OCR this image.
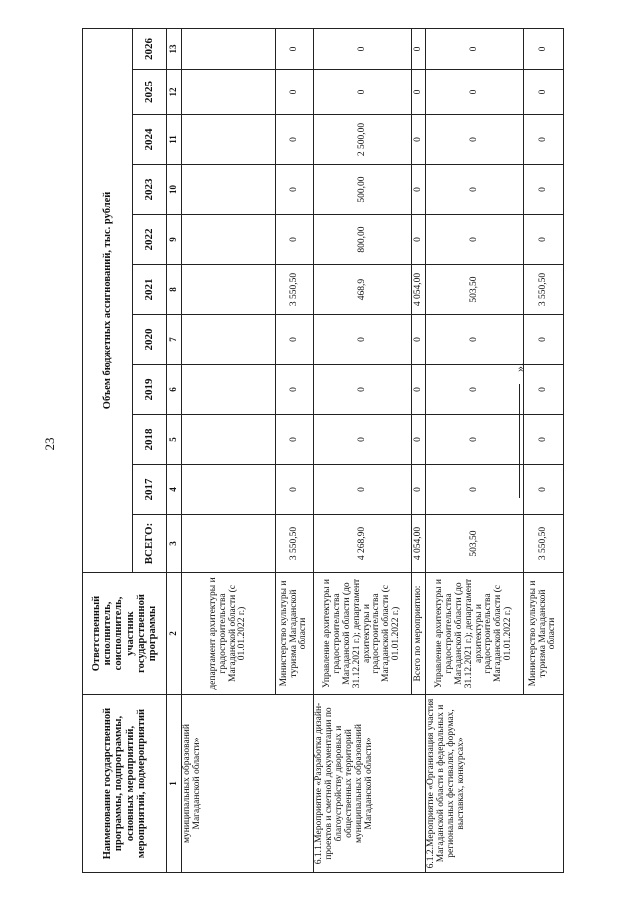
23
Наименование государственной программы, подпрограммы, основных мероприятий, мероприятий, подмероприятий	Ответственный исполнитель, соисполнитель, участник государственной программы	Объем бюджетных ассигнований, тыс. рублей										
		ВСЕГО:	2017	2018	2019	2020	2021	2022	2023	2024	2025	2026
1	2	3	4	5	6	7	8	9	10	11	12	13
муниципальных образований Магаданской области»	департамент архитектуры и градостроительства Магаданской области (с 01.01.2022 г.)											
	Министерство культуры и туризма Магаданской области	3 550,50	0	0	0	0	3 550,50	0	0	0	0	0
6.1.1.Мероприятие «Разработка дизайн-проектов и сметной документации по благоустройству дворовых и общественных территорий муниципальных образований Магаданской области»	Управление архитектуры и градостроительства Магаданской области (до 31.12.2021 г.); департамент архитектуры и градостроительства Магаданской области (с 01.01.2022 г.)	4 268,90	0	0	0	0	468,9	800,00	500,00	2 500,00	0	0
	Всего по мероприятию:	4 054,00	0	0	0	0	4 054,00	0	0	0	0	0
6.1.2.Мероприятие «Организация участия Магаданской области в федеральных и региональных фестивалях, форумах, выставках, конкурсах»	Управление архитектуры и градостроительства Магаданской области (до 31.12.2021 г.); департамент архитектуры и градостроительства Магаданской области (с 01.01.2022 г.)	503,50	0	0	0	0	503,50	0	0	0	0	0
	Министерство культуры и туризма Магаданской области	3 550,50	0	0	0	0	3 550,50	0	0	0	0	0
».
